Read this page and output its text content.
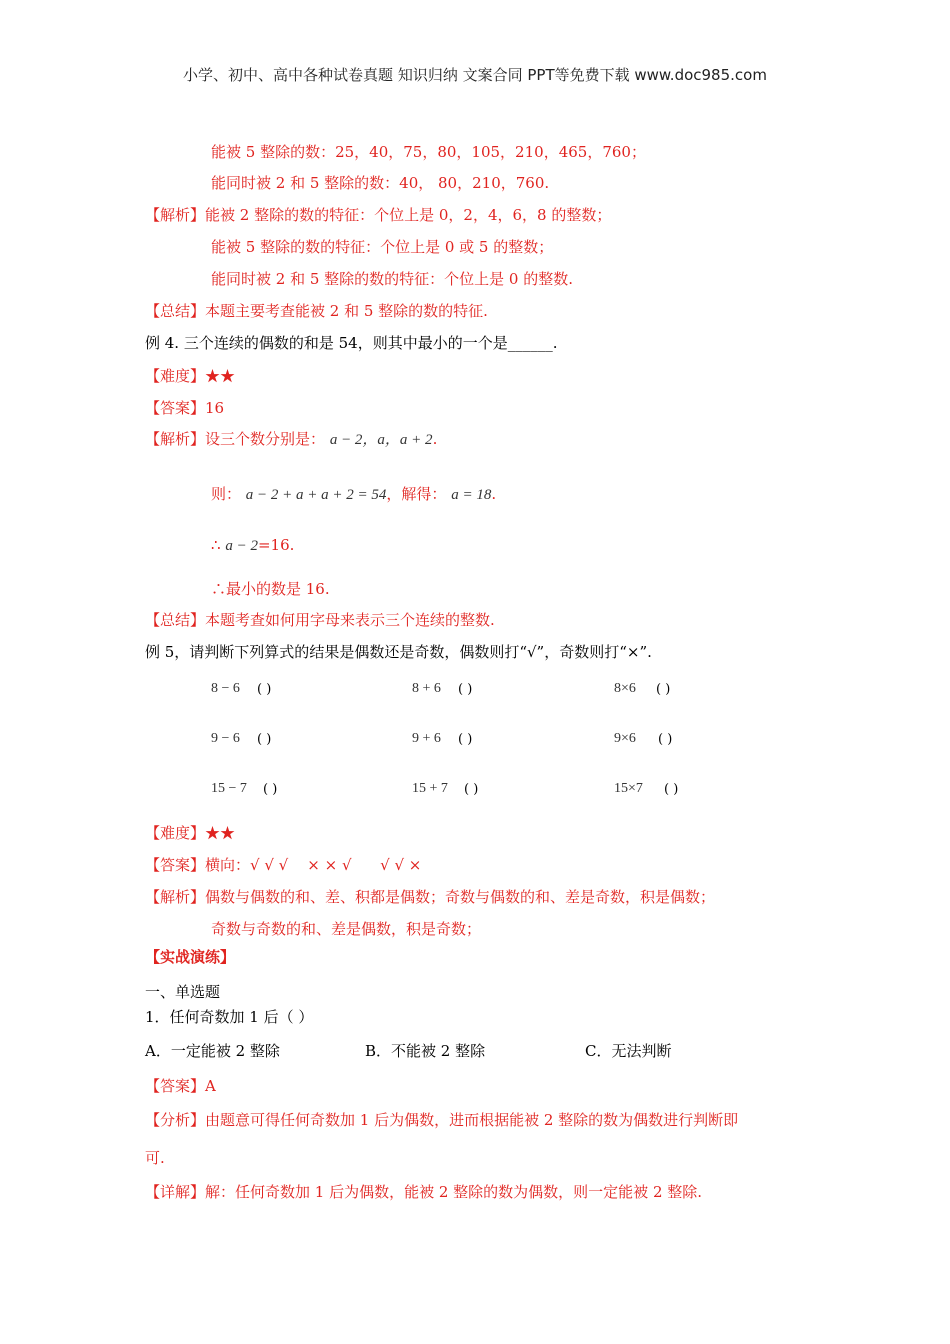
小学、初中、高中各种试卷真题 知识归纳 文案合同 PPT等免费下载 www.doc985.com
能被 5 整除的数：25，40，75，80，105，210，465，760；
能同时被 2 和 5 整除的数：40， 80，210，760.
【解析】能被 2 整除的数的特征：个位上是 0，2，4，6，8 的整数；
能被 5 整除的数的特征：个位上是 0 或 5 的整数；
能同时被 2 和 5 整除的数的特征：个位上是 0 的整数.
【总结】本题主要考查能被 2 和 5 整除的数的特征.
例 4. 三个连续的偶数的和是 54，则其中最小的一个是______.
【难度】★★
【答案】16
【解析】设三个数分别是： a − 2，a，a + 2.
则： a − 2 + a + a + 2 = 54，解得： a = 18.
∴ a − 2=16.
∴最小的数是 16.
【总结】本题考查如何用字母来表示三个连续的整数.
例 5，请判断下列算式的结果是偶数还是奇数，偶数则打“√”，奇数则打“×”.
8 − 6 ( )	8 + 6 ( )	8×6 ( )
9 − 6 ( )	9 + 6 ( )	9×6 ( )
15 − 7 ( )	15 + 7 ( )	15×7 ( )
【难度】★★
【答案】横向：√ √ √    × × √      √ √ ×
【解析】偶数与偶数的和、差、积都是偶数；奇数与偶数的和、差是奇数，积是偶数；
奇数与奇数的和、差是偶数，积是奇数；
【实战演练】
一、单选题
1．任何奇数加 1 后（ ）
A．一定能被 2 整除	B．不能被 2 整除	C．无法判断
【答案】A
【分析】由题意可得任何奇数加 1 后为偶数，进而根据能被 2 整除的数为偶数进行判断即
可.
【详解】解：任何奇数加 1 后为偶数，能被 2 整除的数为偶数，则一定能被 2 整除.
